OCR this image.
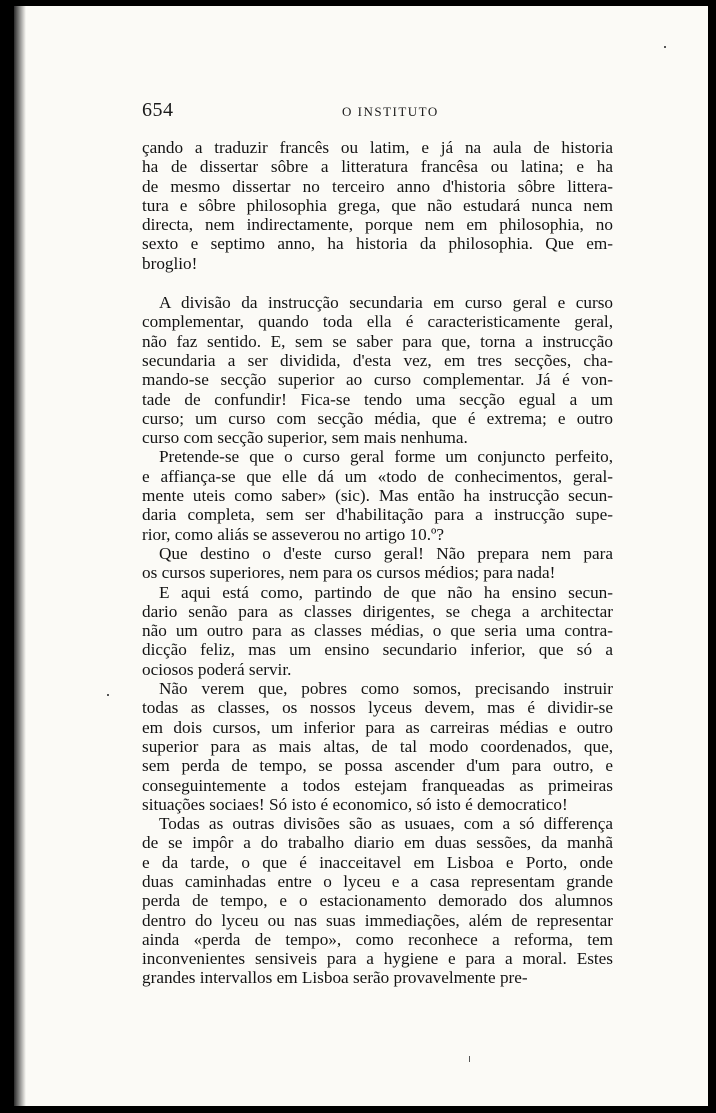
654	O INSTITUTO
çando a traduzir francês ou latim, e já na aula de historia
ha de dissertar sôbre a litteratura francêsa ou latina; e ha
de mesmo dissertar no terceiro anno d'historia sôbre littera-
tura e sôbre philosophia grega, que não estudará nunca nem
directa, nem indirectamente, porque nem em philosophia, no
sexto e septimo anno, ha historia da philosophia. Que em-
broglio!
A divisão da instrucção secundaria em curso geral e curso
complementar, quando toda ella é caracteristicamente geral,
não faz sentido. E, sem se saber para que, torna a instrucção
secundaria a ser dividida, d'esta vez, em tres secções, cha-
mando-se secção superior ao curso complementar. Já é von-
tade de confundir! Fica-se tendo uma secção egual a um
curso; um curso com secção média, que é extrema; e outro
curso com secção superior, sem mais nenhuma.
Pretende-se que o curso geral forme um conjuncto perfeito,
e affiança-se que elle dá um «todo de conhecimentos, geral-
mente uteis como saber» (sic). Mas então ha instrucção secun-
daria completa, sem ser d'habilitação para a instrucção supe-
rior, como aliás se asseverou no artigo 10.º?
Que destino o d'este curso geral! Não prepara nem para
os cursos superiores, nem para os cursos médios; para nada!
E aqui está como, partindo de que não ha ensino secun-
dario senão para as classes dirigentes, se chega a architectar
não um outro para as classes médias, o que seria uma contra-
dicção feliz, mas um ensino secundario inferior, que só a
ociosos poderá servir.
Não verem que, pobres como somos, precisando instruir
todas as classes, os nossos lyceus devem, mas é dividir-se
em dois cursos, um inferior para as carreiras médias e outro
superior para as mais altas, de tal modo coordenados, que,
sem perda de tempo, se possa ascender d'um para outro, e
conseguintemente a todos estejam franqueadas as primeiras
situações sociaes! Só isto é economico, só isto é democratico!
Todas as outras divisões são as usuaes, com a só differença
de se impôr a do trabalho diario em duas sessões, da manhã
e da tarde, o que é inacceitavel em Lisboa e Porto, onde
duas caminhadas entre o lyceu e a casa representam grande
perda de tempo, e o estacionamento demorado dos alumnos
dentro do lyceu ou nas suas immediações, além de representar
ainda «perda de tempo», como reconhece a reforma, tem
inconvenientes sensiveis para a hygiene e para a moral. Estes
grandes intervallos em Lisboa serão provavelmente pre-
